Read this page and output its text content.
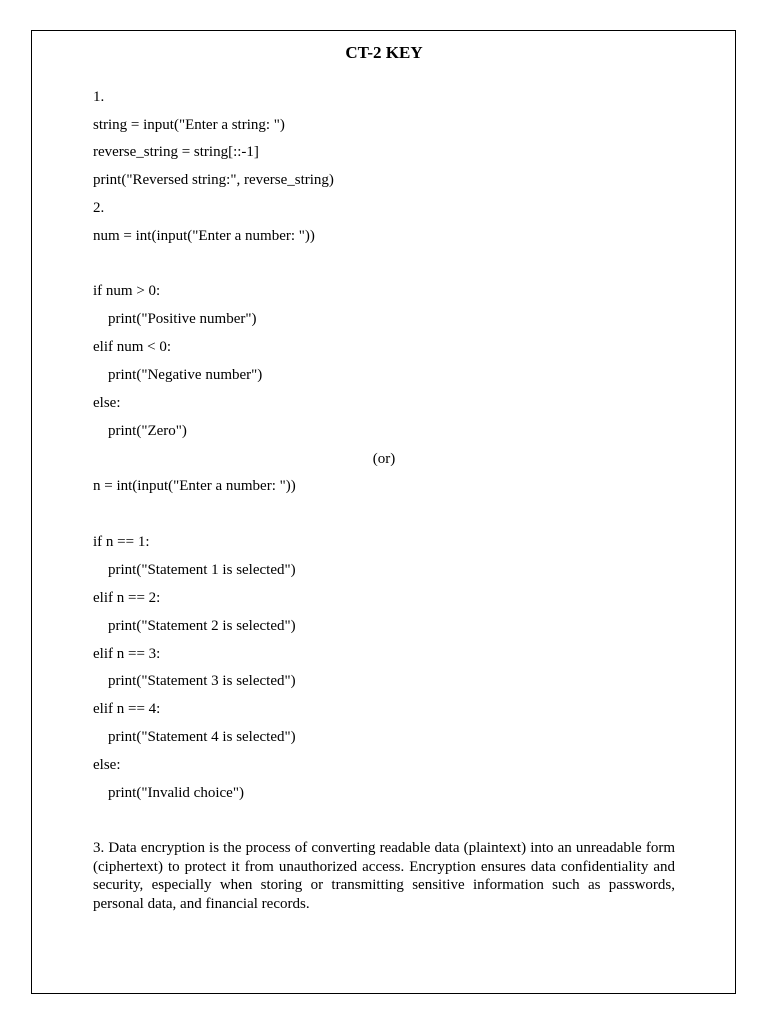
CT-2 KEY
1.
string = input("Enter a string: ")
reverse_string = string[::-1]
print("Reversed string:", reverse_string)
2.
num = int(input("Enter a number: "))
if num > 0:
print("Positive number")
elif num < 0:
print("Negative number")
else:
print("Zero")
(or)
n = int(input("Enter a number: "))
if n == 1:
print("Statement 1 is selected")
elif n == 2:
print("Statement 2 is selected")
elif n == 3:
print("Statement 3 is selected")
elif n == 4:
print("Statement 4 is selected")
else:
print("Invalid choice")

3. Data encryption is the process of converting readable data (plaintext) into an unreadable form (ciphertext) to protect it from unauthorized access. Encryption ensures data confidentiality and security, especially when storing or transmitting sensitive information such as passwords, personal data, and financial records.
